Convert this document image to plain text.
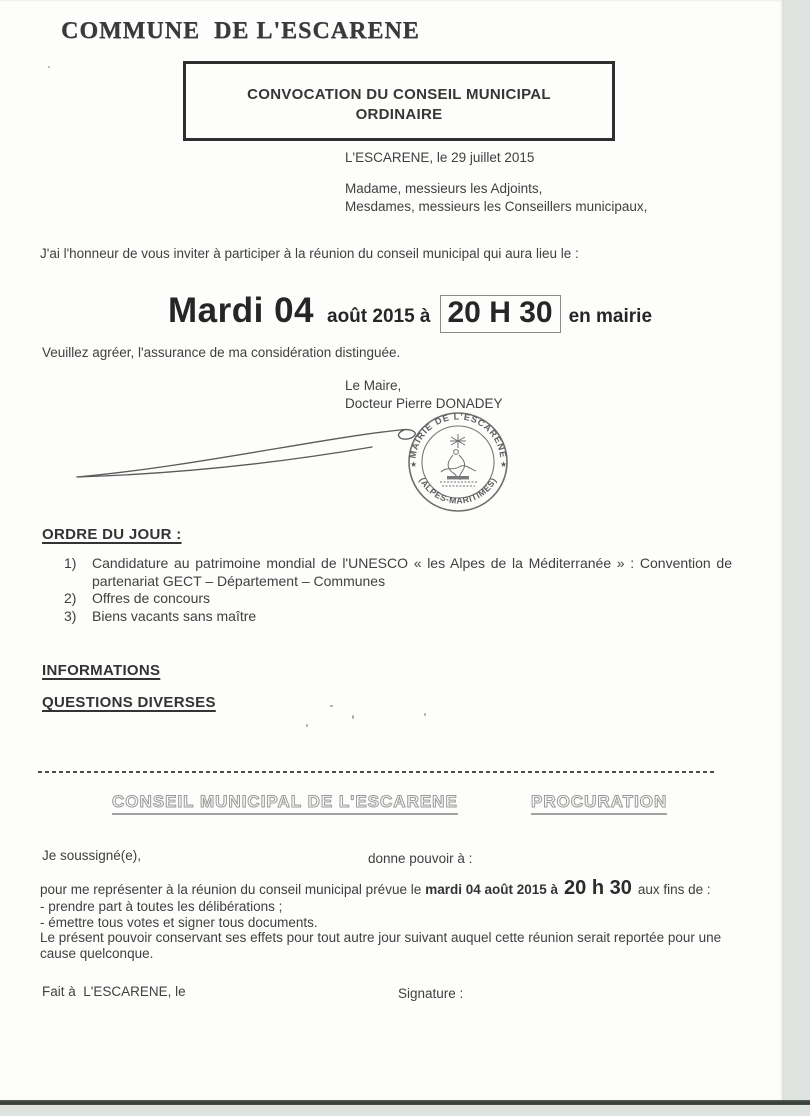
COMMUNE  DE L'ESCARENE
CONVOCATION DU CONSEIL MUNICIPAL
ORDINAIRE
L'ESCARENE, le 29 juillet 2015
Madame, messieurs les Adjoints,
Mesdames, messieurs les Conseillers municipaux,
J'ai l'honneur de vous inviter à participer à la réunion du conseil municipal qui aura lieu le :
Mardi 04 août 2015 à 20 H 30 en mairie
Veuillez agréer, l'assurance de ma considération distinguée.
Le Maire,
Docteur Pierre DONADEY
MAIRIE DE L'ESCARENE
(ALPES-MARITIMES)
★	★
ORDRE DU JOUR :
1)	Candidature au patrimoine mondial de l'UNESCO « les Alpes de la Méditerranée » : Convention de partenariat GECT – Département – Communes
2)	Offres de concours
3)	Biens vacants sans maître
INFORMATIONS
QUESTIONS DIVERSES
CONSEIL MUNICIPAL DE L'ESCARENE	PROCURATION
Je soussigné(e),	donne pouvoir à :
pour me représenter à la réunion du conseil municipal prévue le mardi 04 août 2015 à 20 h 30 aux fins de :
- prendre part à toutes les délibérations ;
- émettre tous votes et signer tous documents.
Le présent pouvoir conservant ses effets pour tout autre jour suivant auquel cette réunion serait reportée pour une cause quelconque.
Fait à  L'ESCARENE, le	Signature :
